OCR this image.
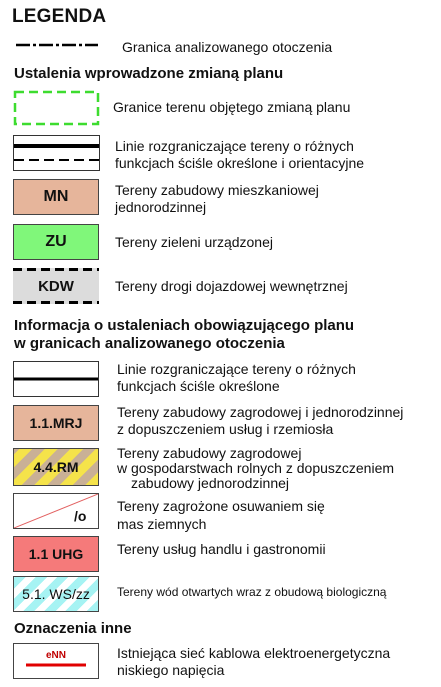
LEGENDA
Granica analizowanego otoczenia
Ustalenia wprowadzone zmianą planu
Granice terenu objętego zmianą planu
Linie rozgraniczające tereny o różnych
funkcjach ściśle określone i orientacyjne
MN	Tereny zabudowy mieszkaniowej
jednorodzinnej
ZU	Tereny zieleni urządzonej
KDW	Tereny drogi dojazdowej wewnętrznej
Informacja o ustaleniach obowiązującego planu
w granicach analizowanego otoczenia
Linie rozgraniczające tereny o różnych
funkcjach ściśle określone
1.1.MRJ
Tereny zabudowy zagrodowej i jednorodzinnej
z dopuszczeniem usług i rzemiosła
4.4.RM
Tereny zabudowy zagrodowej
w gospodarstwach rolnych z dopuszczeniem
zabudowy jednorodzinnej
/o
Tereny zagrożone osuwaniem się
mas ziemnych
1.1 UHG	Tereny usług handlu i gastronomii
5.1. WS/zz	Tereny wód otwartych wraz z obudową biologiczną
Oznaczenia inne
eNN	Istniejąca sieć kablowa elektroenergetyczna
niskiego napięcia
